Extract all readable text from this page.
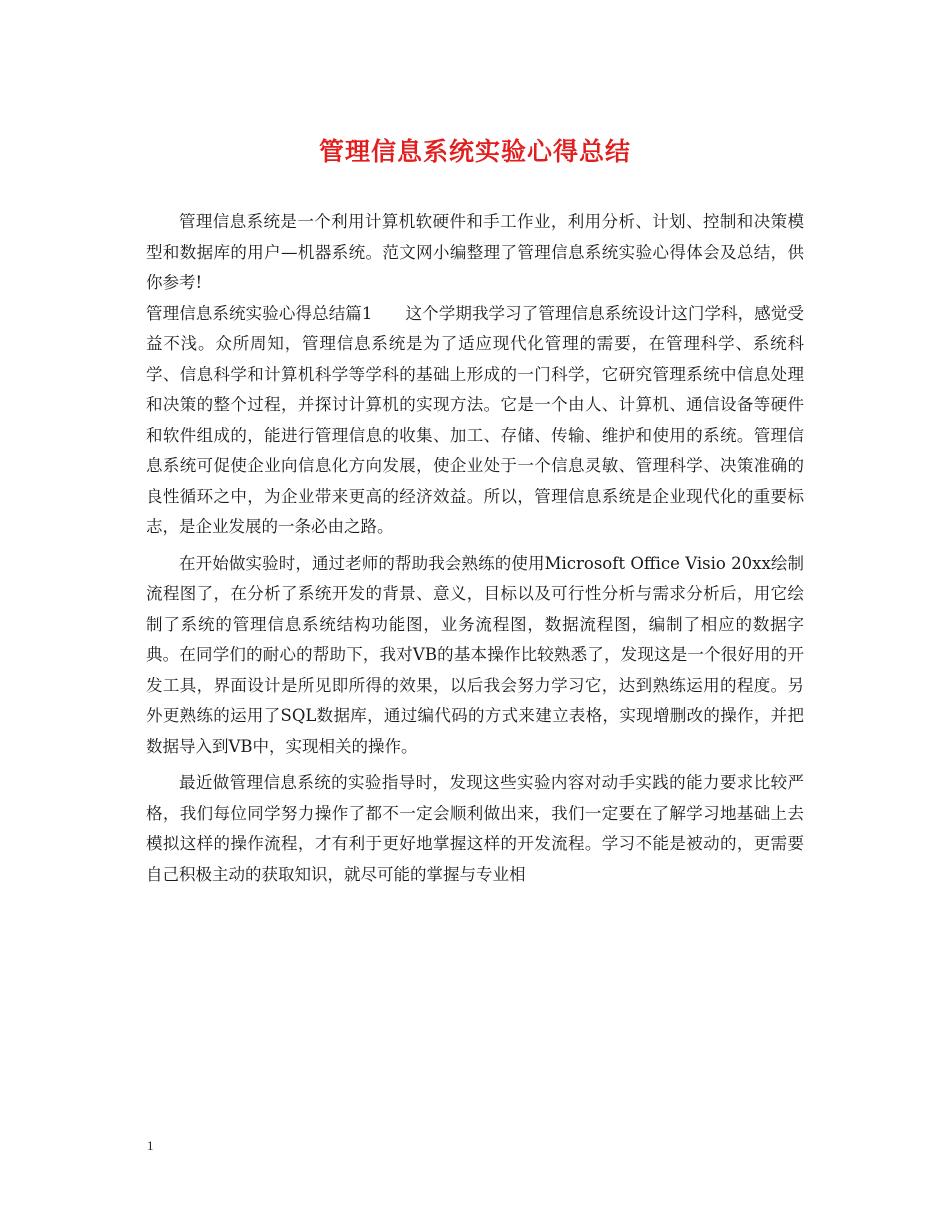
管理信息系统实验心得总结

管理信息系统是一个利用计算机软硬件和手工作业，利用分析、计划、控制和决策模型和数据库的用户—机器系统。范文网小编整理了管理信息系统实验心得体会及总结，供你参考!

管理信息系统实验心得总结篇1 这个学期我学习了管理信息系统设计这门学科，感觉受益不浅。众所周知，管理信息系统是为了适应现代化管理的需要，在管理科学、系统科学、信息科学和计算机科学等学科的基础上形成的一门科学，它研究管理系统中信息处理和决策的整个过程，并探讨计算机的实现方法。它是一个由人、计算机、通信设备等硬件和软件组成的，能进行管理信息的收集、加工、存储、传输、维护和使用的系统。管理信息系统可促使企业向信息化方向发展，使企业处于一个信息灵敏、管理科学、决策准确的良性循环之中，为企业带来更高的经济效益。所以，管理信息系统是企业现代化的重要标志，是企业发展的一条必由之路。

在开始做实验时，通过老师的帮助我会熟练的使用Microsoft Office Visio 20xx绘制流程图了，在分析了系统开发的背景、意义，目标以及可行性分析与需求分析后，用它绘制了系统的管理信息系统结构功能图，业务流程图，数据流程图，编制了相应的数据字典。在同学们的耐心的帮助下，我对VB的基本操作比较熟悉了，发现这是一个很好用的开发工具，界面设计是所见即所得的效果，以后我会努力学习它，达到熟练运用的程度。另外更熟练的运用了SQL数据库，通过编代码的方式来建立表格，实现增删改的操作，并把数据导入到VB中，实现相关的操作。

最近做管理信息系统的实验指导时，发现这些实验内容对动手实践的能力要求比较严格，我们每位同学努力操作了都不一定会顺利做出来，我们一定要在了解学习地基础上去模拟这样的操作流程，才有利于更好地掌握这样的开发流程。学习不能是被动的，更需要自己积极主动的获取知识，就尽可能的掌握与专业相

1
